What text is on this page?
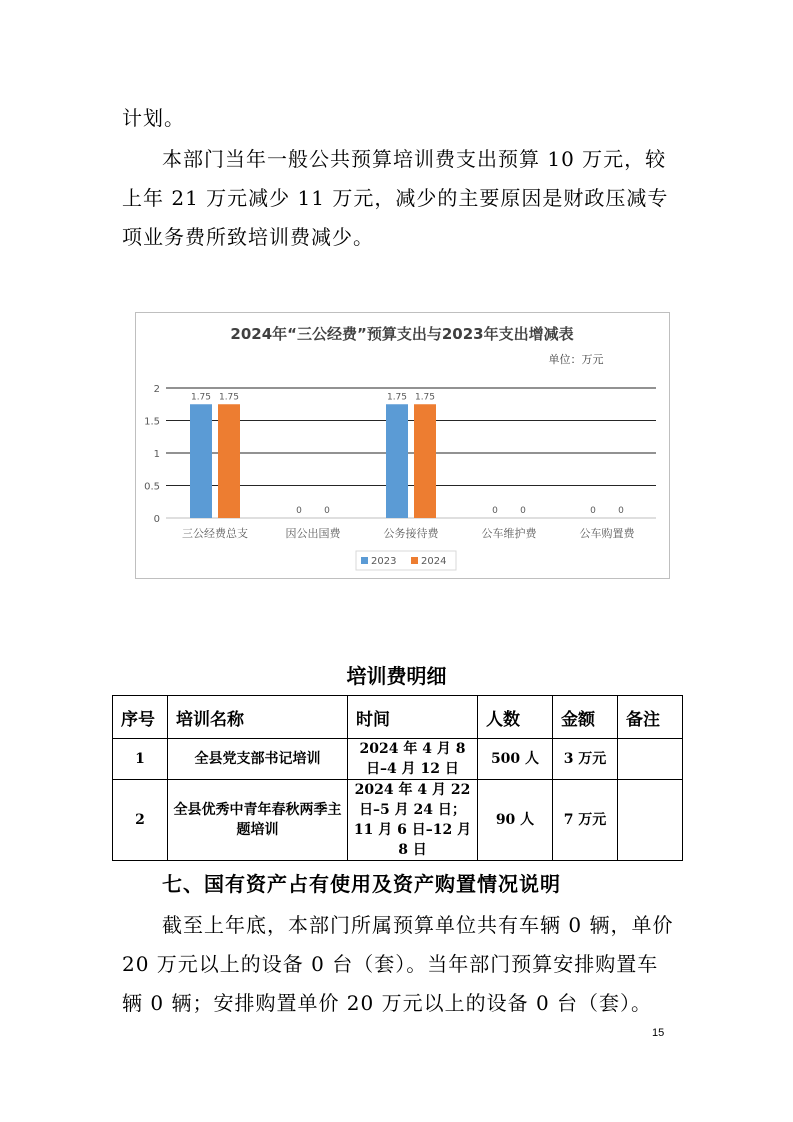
计划。

本部门当年一般公共预算培训费支出预算 10 万元，较上年 21 万元减少 11 万元，减少的主要原因是财政压减专项业务费所致培训费减少。

2024年“三公经费”预算支出与2023年支出增减表
单位：万元
0
0.5
1
1.5
2
1.75 1.75
0 0
1.75 1.75
0 0	0 0
三公经费总支	因公出国费	公务接待费	公车维护费	公车购置费
2023 2024
培训费明细
序号	培训名称	时间	人数	金额	备注
1	全县党支部书记培训	2024 年 4 月 8 日–4 月 12 日	500 人	3 万元	
2	全县优秀中青年春秋两季主题培训	2024 年 4 月 22 日–5 月 24 日；11 月 6 日–12 月 8 日	90 人	7 万元	
七、国有资产占有使用及资产购置情况说明

截至上年底，本部门所属预算单位共有车辆 0 辆，单价 20 万元以上的设备 0 台（套）。当年部门预算安排购置车辆 0 辆；安排购置单价 20 万元以上的设备 0 台（套）。

15
